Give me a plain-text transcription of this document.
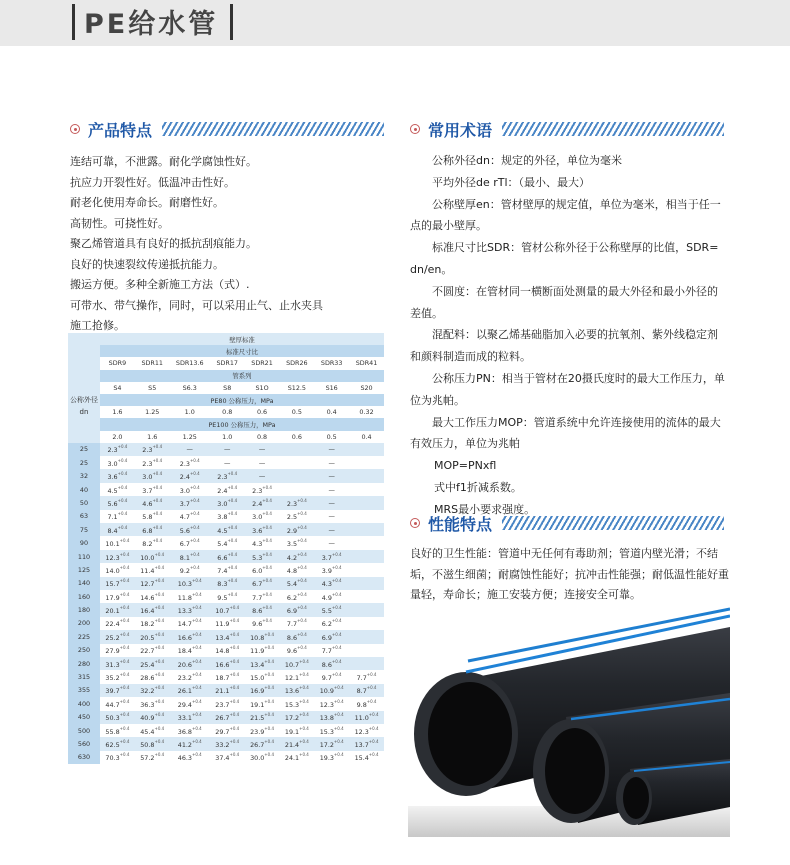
PE给水管
产品特点
连结可靠，不泄露。耐化学腐蚀性好。
抗应力开裂性好。低温冲击性好。
耐老化使用寿命长。耐磨性好。
高韧性。可挠性好。
聚乙烯管道具有良好的抵抗刮痕能力。
良好的快速裂纹传递抵抗能力。
搬运方便。多种全新施工方法（式）.
可带水、带气操作，同时，可以采用止气、止水夹具
施工抢修。
	壁厚标准							
	标准尺寸比							
	SDR9	SDR11	SDR13.6	SDR17	SDR21	SDR26	SDR33	SDR41
	管系列							
公称外径dn	S4	S5	S6.3	S8	S1O	S12.5	S16	S20
	PE80 公称压力，MPa							
	1.6	1.25	1.0	0.8	0.6	0.5	0.4	0.32
	PE100 公称压力，MPa							
	2.0	1.6	1.25	1.0	0.8	0.6	0.5	0.4
25	$2.3^{+0.4}$	$2.3^{+0.4}$	—	—	—		—	
25	$3.0^{+0.4}$	$2.3^{+0.4}$	$2.3^{+0.4}$	—	—		—	
32	$3.6^{+0.4}$	$3.0^{+0.4}$	$2.4^{+0.4}$	$2.3^{+0.4}$	—		—	
40	$4.5^{+0.4}$	$3.7^{+0.4}$	$3.0^{+0.4}$	$2.4^{+0.4}$	$2.3^{+0.4}$		—	
50	$5.6^{+0.4}$	$4.6^{+0.4}$	$3.7^{+0.4}$	$3.0^{+0.4}$	$2.4^{+0.4}$	$2.3^{+0.4}$	—	
63	$7.1^{+0.4}$	$5.8^{+0.4}$	$4.7^{+0.4}$	$3.8^{+0.4}$	$3.0^{+0.4}$	$2.5^{+0.4}$	—	
75	$8.4^{+0.4}$	$6.8^{+0.4}$	$5.6^{+0.4}$	$4.5^{+0.4}$	$3.6^{+0.4}$	$2.9^{+0.4}$	—	
90	$10.1^{+0.4}$	$8.2^{+0.4}$	$6.7^{+0.4}$	$5.4^{+0.4}$	$4.3^{+0.4}$	$3.5^{+0.4}$	—	
110	$12.3^{+0.4}$	$10.0^{+0.4}$	$8.1^{+0.4}$	$6.6^{+0.4}$	$5.3^{+0.4}$	$4.2^{+0.4}$	$3.7^{+0.4}$	
125	$14.0^{+0.4}$	$11.4^{+0.4}$	$9.2^{+0.4}$	$7.4^{+0.4}$	$6.0^{+0.4}$	$4.8^{+0.4}$	$3.9^{+0.4}$	
140	$15.7^{+0.4}$	$12.7^{+0.4}$	$10.3^{+0.4}$	$8.3^{+0.4}$	$6.7^{+0.4}$	$5.4^{+0.4}$	$4.3^{+0.4}$	
160	$17.9^{+0.4}$	$14.6^{+0.4}$	$11.8^{+0.4}$	$9.5^{+0.4}$	$7.7^{+0.4}$	$6.2^{+0.4}$	$4.9^{+0.4}$	
180	$20.1^{+0.4}$	$16.4^{+0.4}$	$13.3^{+0.4}$	$10.7^{+0.4}$	$8.6^{+0.4}$	$6.9^{+0.4}$	$5.5^{+0.4}$	
200	$22.4^{+0.4}$	$18.2^{+0.4}$	$14.7^{+0.4}$	$11.9^{+0.4}$	$9.6^{+0.4}$	$7.7^{+0.4}$	$6.2^{+0.4}$	
225	$25.2^{+0.4}$	$20.5^{+0.4}$	$16.6^{+0.4}$	$13.4^{+0.4}$	$10.8^{+0.4}$	$8.6^{+0.4}$	$6.9^{+0.4}$	
250	$27.9^{+0.4}$	$22.7^{+0.4}$	$18.4^{+0.4}$	$14.8^{+0.4}$	$11.9^{+0.4}$	$9.6^{+0.4}$	$7.7^{+0.4}$	
280	$31.3^{+0.4}$	$25.4^{+0.4}$	$20.6^{+0.4}$	$16.6^{+0.4}$	$13.4^{+0.4}$	$10.7^{+0.4}$	$8.6^{+0.4}$	
315	$35.2^{+0.4}$	$28.6^{+0.4}$	$23.2^{+0.4}$	$18.7^{+0.4}$	$15.0^{+0.4}$	$12.1^{+0.4}$	$9.7^{+0.4}$	$7.7^{+0.4}$
355	$39.7^{+0.4}$	$32.2^{+0.4}$	$26.1^{+0.4}$	$21.1^{+0.4}$	$16.9^{+0.4}$	$13.6^{+0.4}$	$10.9^{+0.4}$	$8.7^{+0.4}$
400	$44.7^{+0.4}$	$36.3^{+0.4}$	$29.4^{+0.4}$	$23.7^{+0.4}$	$19.1^{+0.4}$	$15.3^{+0.4}$	$12.3^{+0.4}$	$9.8^{+0.4}$
450	$50.3^{+0.4}$	$40.9^{+0.4}$	$33.1^{+0.4}$	$26.7^{+0.4}$	$21.5^{+0.4}$	$17.2^{+0.4}$	$13.8^{+0.4}$	$11.0^{+0.4}$
500	$55.8^{+0.4}$	$45.4^{+0.4}$	$36.8^{+0.4}$	$29.7^{+0.4}$	$23.9^{+0.4}$	$19.1^{+0.4}$	$15.3^{+0.4}$	$12.3^{+0.4}$
560	$62.5^{+0.4}$	$50.8^{+0.4}$	$41.2^{+0.4}$	$33.2^{+0.4}$	$26.7^{+0.4}$	$21.4^{+0.4}$	$17.2^{+0.4}$	$13.7^{+0.4}$
630	$70.3^{+0.4}$	$57.2^{+0.4}$	$46.3^{+0.4}$	$37.4^{+0.4}$	$30.0^{+0.4}$	$24.1^{+0.4}$	$19.3^{+0.4}$	$15.4^{+0.4}$
常用术语

公称外径dn：规定的外径，单位为毫米

平均外径de rTl：（最小、最大）

公称壁厚en：管材壁厚的规定值，单位为毫米，相当于任一

点的最小壁厚。

标准尺寸比SDR：管材公称外径于公称壁厚的比值，SDR=

dn/en。

不圆度：在管材同一横断面处测量的最大外径和最小外径的

差值。

混配料：以聚乙烯基础脂加入必要的抗氧剂、紫外线稳定剂

和颜料制造而成的粒料。

公称压力PN：相当于管材在20摄氏度时的最大工作压力，单

位为兆帕。

最大工作压力MOP：管道系统中允许连接使用的流体的最大

有效压力，单位为兆帕

MOP=PNxfl

式中f1折减系数。

MRS最小要求强度。

性能特点
良好的卫生性能：管道中无任何有毒助剂；管道内壁光滑；不结垢，不滋生细菌；耐腐蚀性能好；抗冲击性能强；耐低温性能好重量轻，寿命长；施工安装方便；连接安全可靠。
